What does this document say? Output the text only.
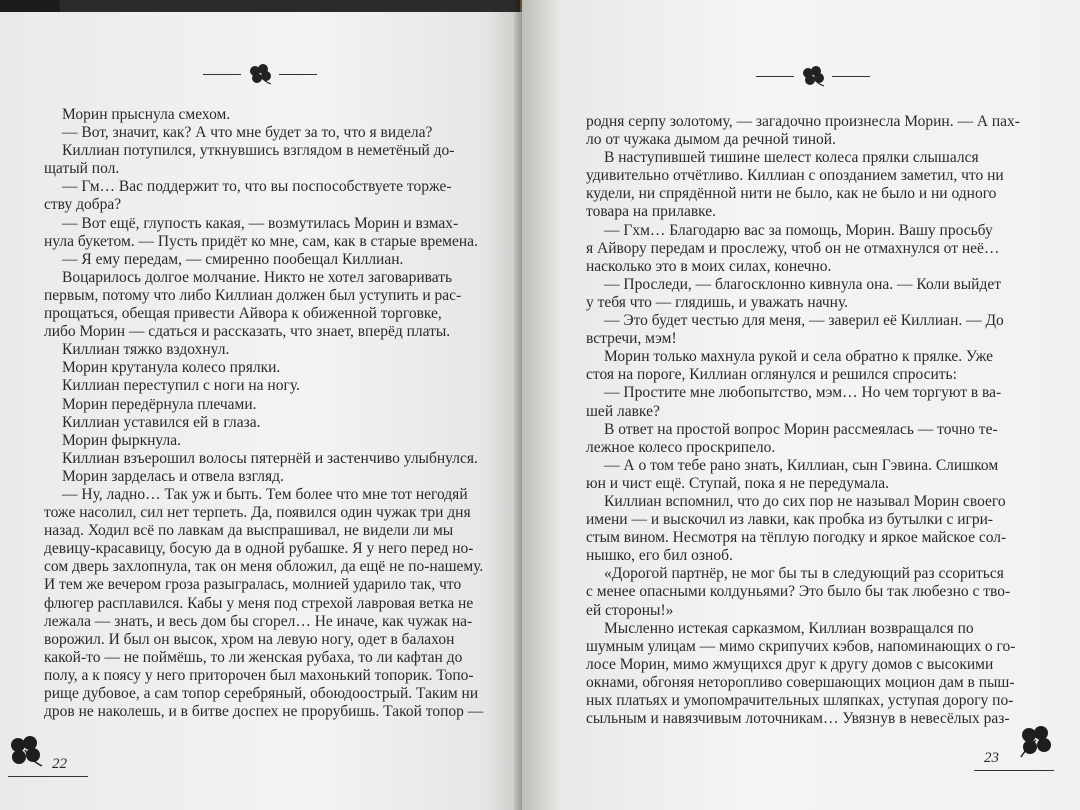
Морин прыснула смехом.

— Вот, значит, как? А что мне будет за то, что я видела?

Киллиан потупился, уткнувшись взглядом в неметёный до-

щатый пол.

— Гм… Вас поддержит то, что вы поспособствуете торже-

ству добра?

— Вот ещё, глупость какая, — возмутилась Морин и взмах-

нула букетом. — Пусть придёт ко мне, сам, как в старые времена.

— Я ему передам, — смиренно пообещал Киллиан.

Воцарилось долгое молчание. Никто не хотел заговаривать

первым, потому что либо Киллиан должен был уступить и рас-

прощаться, обещая привести Айвора к обиженной торговке,

либо Морин — сдаться и рассказать, что знает, вперёд платы.

Киллиан тяжко вздохнул.

Морин крутанула колесо прялки.

Киллиан переступил с ноги на ногу.

Морин передёрнула плечами.

Киллиан уставился ей в глаза.

Морин фыркнула.

Киллиан взъерошил волосы пятернёй и застенчиво улыбнулся.

Морин зарделась и отвела взгляд.

— Ну, ладно… Так уж и быть. Тем более что мне тот негодяй

тоже насолил, сил нет терпеть. Да, появился один чужак три дня

назад. Ходил всё по лавкам да выспрашивал, не видели ли мы

девицу-красавицу, босую да в одной рубашке. Я у него перед но-

сом дверь захлопнула, так он меня обложил, да ещё не по-нашему.

И тем же вечером гроза разыгралась, молнией ударило так, что

флюгер расплавился. Кабы у меня под стрехой лавровая ветка не

лежала — знать, и весь дом бы сгорел… Не иначе, как чужак на-

ворожил. И был он высок, хром на левую ногу, одет в балахон

какой-то — не поймёшь, то ли женская рубаха, то ли кафтан до

полу, а к поясу у него приторочен был махонький топорик. Топо-

рище дубовое, а сам топор серебряный, обоюдоострый. Таким ни

дров не наколешь, и в битве доспех не прорубишь. Такой топор —

22

родня серпу золотому, — загадочно произнесла Морин. — А пах-

ло от чужака дымом да речной тиной.

В наступившей тишине шелест колеса прялки слышался

удивительно отчётливо. Киллиан с опозданием заметил, что ни

кудели, ни спрядённой нити не было, как не было и ни одного

товара на прилавке.

— Гхм… Благодарю вас за помощь, Морин. Вашу просьбу

я Айвору передам и прослежу, чтоб он не отмахнулся от неё…

насколько это в моих силах, конечно.

— Проследи, — благосклонно кивнула она. — Коли выйдет

у тебя что — глядишь, и уважать начну.

— Это будет честью для меня, — заверил её Киллиан. — До

встречи, мэм!

Морин только махнула рукой и села обратно к прялке. Уже

стоя на пороге, Киллиан оглянулся и решился спросить:

— Простите мне любопытство, мэм… Но чем торгуют в ва-

шей лавке?

В ответ на простой вопрос Морин рассмеялась — точно те-

лежное колесо проскрипело.

— А о том тебе рано знать, Киллиан, сын Гэвина. Слишком

юн и чист ещё. Ступай, пока я не передумала.

Киллиан вспомнил, что до сих пор не называл Морин своего

имени — и выскочил из лавки, как пробка из бутылки с игри-

стым вином. Несмотря на тёплую погодку и яркое майское сол-

нышко, его бил озноб.

«Дорогой партнёр, не мог бы ты в следующий раз ссориться

с менее опасными колдуньями? Это было бы так любезно с тво-

ей стороны!»

Мысленно истекая сарказмом, Киллиан возвращался по

шумным улицам — мимо скрипучих кэбов, напоминающих о го-

лосе Морин, мимо жмущихся друг к другу домов с высокими

окнами, обгоняя неторопливо совершающих моцион дам в пыш-

ных платьях и умопомрачительных шляпках, уступая дорогу по-

сыльным и навязчивым лоточникам… Увязнув в невесёлых раз-

23
